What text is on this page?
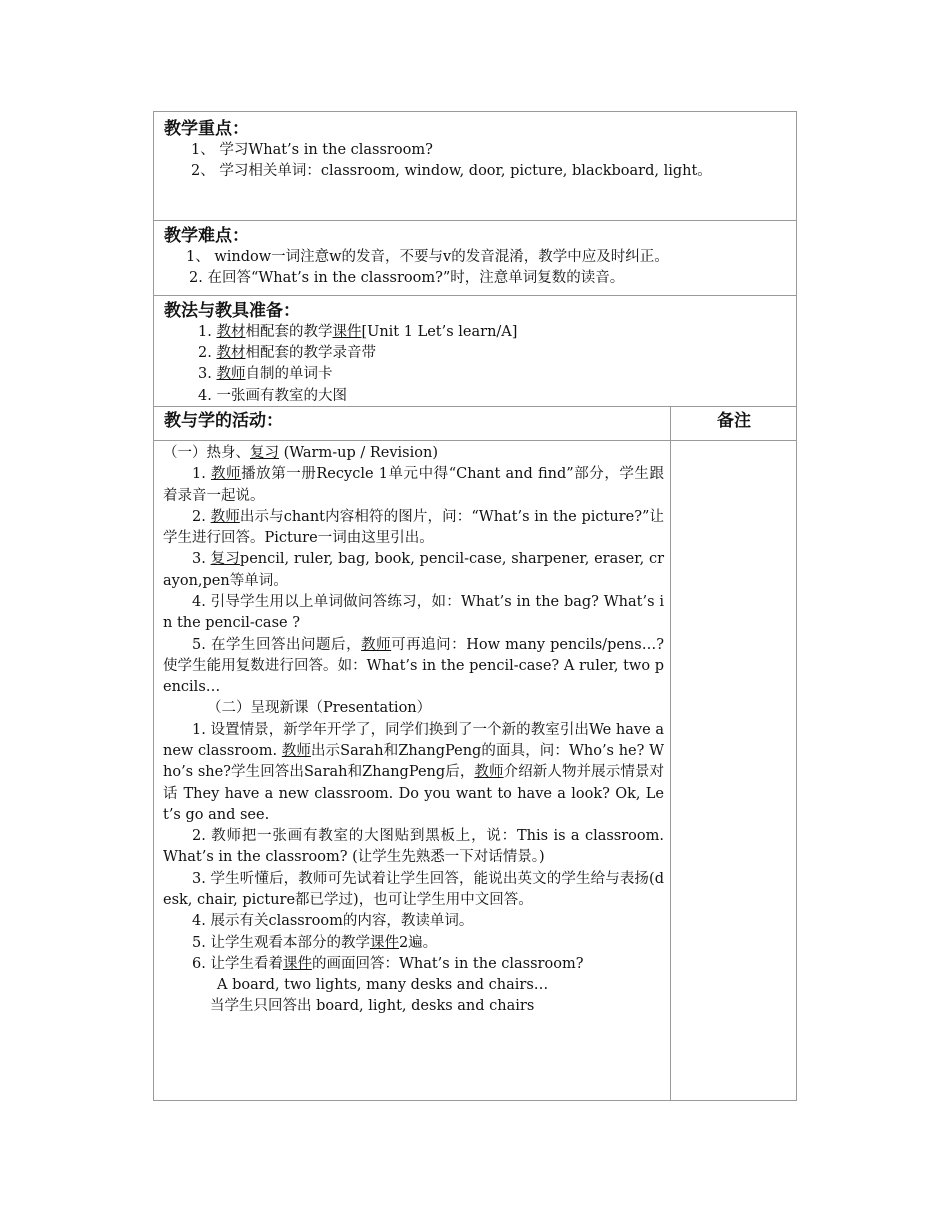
教学重点：
1、 学习What’s in the classroom?
2、 学习相关单词：classroom, window, door, picture, blackboard, light。
教学难点：
1、 window一词注意w的发音，不要与v的发音混淆，教学中应及时纠正。
2. 在回答“What’s in the classroom?”时，注意单词复数的读音。
教法与教具准备：
1. 教材相配套的教学课件[Unit 1 Let’s learn/A]
2. 教材相配套的教学录音带
3. 教师自制的单词卡
4. 一张画有教室的大图
教与学的活动：	备注
（一）热身、复习 (Warm-up / Revision)
1. 教师播放第一册Recycle 1单元中得“Chant and find”部分，学生跟着录音一起说。
2. 教师出示与chant内容相符的图片，问：“What’s in the picture?”让学生进行回答。Picture一词由这里引出。
3. 复习pencil, ruler, bag, book, pencil-case, sharpener, eraser, crayon,pen等单词。
4. 引导学生用以上单词做问答练习，如：What’s in the bag? What’s in the pencil-case ?
5. 在学生回答出问题后，教师可再追问：How many pencils/pens…?使学生能用复数进行回答。如：What’s in the pencil-case? A ruler, two pencils…
（二）呈现新课（Presentation）
1. 设置情景，新学年开学了，同学们换到了一个新的教室引出We have a new classroom. 教师出示Sarah和ZhangPeng的面具，问：Who’s he? Who’s she?学生回答出Sarah和ZhangPeng后，教师介绍新人物并展示情景对话 They have a new classroom. Do you want to have a look? Ok, Let’s go and see.
2. 教师把一张画有教室的大图贴到黑板上，说：This is a classroom. What’s in the classroom? (让学生先熟悉一下对话情景。)
3. 学生听懂后，教师可先试着让学生回答，能说出英文的学生给与表扬(desk, chair, picture都已学过)，也可让学生用中文回答。
4. 展示有关classroom的内容，教读单词。
5. 让学生观看本部分的教学课件2遍。
6. 让学生看着课件的画面回答：What’s in the classroom?
A board, two lights, many desks and chairs…
当学生只回答出 board, light, desks and chairs
